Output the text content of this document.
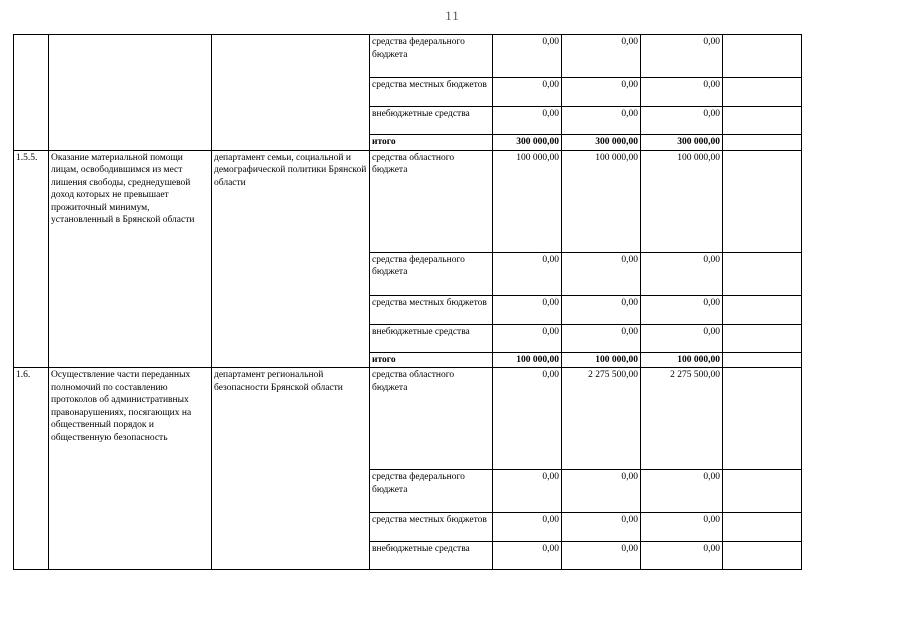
11
			средства федерального бюджета	0,00	0,00	0,00	
			средства местных бюджетов	0,00	0,00	0,00	
			внебюджетные средства	0,00	0,00	0,00	
			итого	300 000,00	300 000,00	300 000,00	
1.5.5.	Оказание материальной помощи лицам, освободившимся из мест лишения свободы, среднедушевой доход которых не превышает прожиточный минимум, установленный в Брянской области	департамент семьи, социальной и демографической политики Брянской области	средства областного бюджета	100 000,00	100 000,00	100 000,00	
			средства федерального бюджета	0,00	0,00	0,00	
			средства местных бюджетов	0,00	0,00	0,00	
			внебюджетные средства	0,00	0,00	0,00	
			итого	100 000,00	100 000,00	100 000,00	
1.6.	Осуществление части переданных полномочий по составлению протоколов об административных правонарушениях, посягающих на общественный порядок и общественную безопасность	департамент региональной безопасности Брянской области	средства областного бюджета	0,00	2 275 500,00	2 275 500,00	
			средства федерального бюджета	0,00	0,00	0,00	
			средства местных бюджетов	0,00	0,00	0,00	
			внебюджетные средства	0,00	0,00	0,00	
